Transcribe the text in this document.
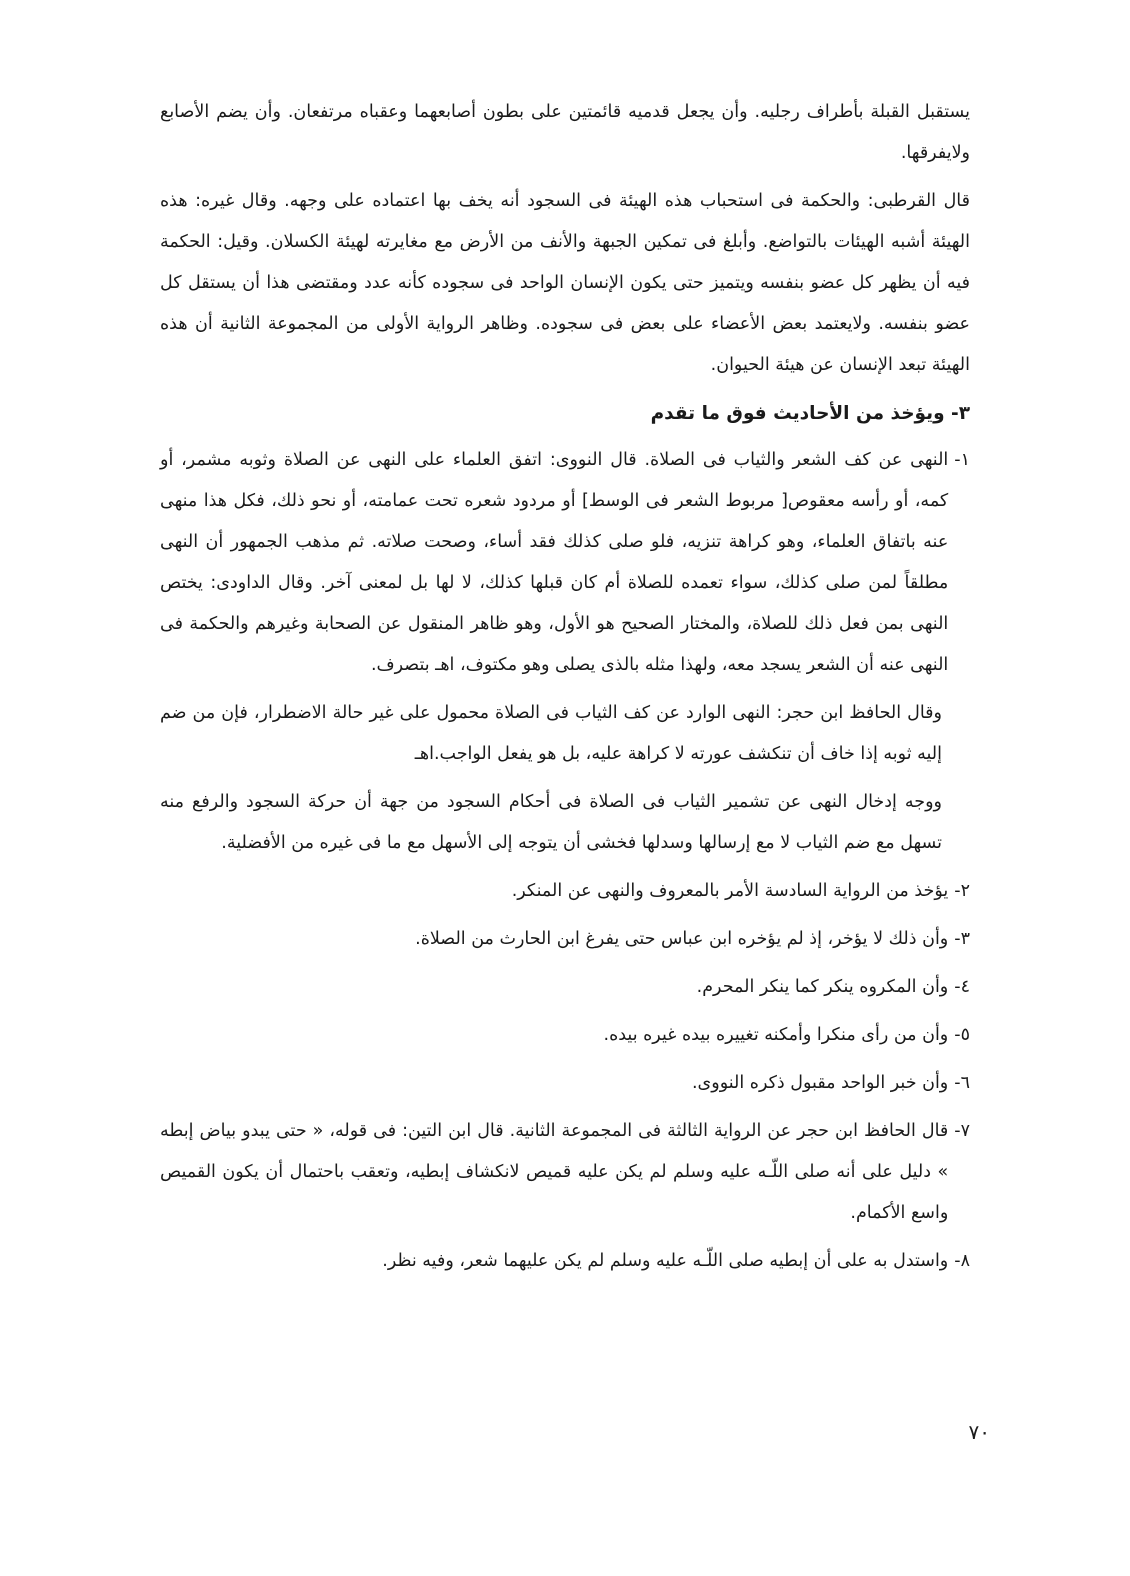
يستقبل القبلة بأطراف رجليه. وأن يجعل قدميه قائمتين على بطون أصابعهما وعقباه مرتفعان. وأن يضم الأصابع ولايفرقها.

قال القرطبى: والحكمة فى استحباب هذه الهيئة فى السجود أنه يخف بها اعتماده على وجهه. وقال غيره: هذه الهيئة أشبه الهيئات بالتواضع. وأبلغ فى تمكين الجبهة والأنف من الأرض مع مغايرته لهيئة الكسلان. وقيل: الحكمة فيه أن يظهر كل عضو بنفسه ويتميز حتى يكون الإنسان الواحد فى سجوده كأنه عدد ومقتضى هذا أن يستقل كل عضو بنفسه. ولايعتمد بعض الأعضاء على بعض فى سجوده. وظاهر الرواية الأولى من المجموعة الثانية أن هذه الهيئة تبعد الإنسان عن هيئة الحيوان.

٣- ويؤخذ من الأحاديث فوق ما تقدم
١-
النهى عن كف الشعر والثياب فى الصلاة. قال النووى: اتفق العلماء على النهى عن الصلاة وثوبه مشمر، أو كمه، أو رأسه معقوص[ مربوط الشعر فى الوسط] أو مردود شعره تحت عمامته، أو نحو ذلك، فكل هذا منهى عنه باتفاق العلماء، وهو كراهة تنزيه، فلو صلى كذلك فقد أساء، وصحت صلاته. ثم مذهب الجمهور أن النهى مطلقاً لمن صلى كذلك، سواء تعمده للصلاة أم كان قبلها كذلك، لا لها بل لمعنى آخر. وقال الداودى: يختص النهى بمن فعل ذلك للصلاة، والمختار الصحيح هو الأول، وهو ظاهر المنقول عن الصحابة وغيرهم والحكمة فى النهى عنه أن الشعر يسجد معه، ولهذا مثله بالذى يصلى وهو مكتوف، اهـ بتصرف.

وقال الحافظ ابن حجر: النهى الوارد عن كف الثياب فى الصلاة محمول على غير حالة الاضطرار، فإن من ضم إليه ثوبه إذا خاف أن تنكشف عورته لا كراهة عليه، بل هو يفعل الواجب.اهـ

ووجه إدخال النهى عن تشمير الثياب فى الصلاة فى أحكام السجود من جهة أن حركة السجود والرفع منه تسهل مع ضم الثياب لا مع إرسالها وسدلها فخشى أن يتوجه إلى الأسهل مع ما فى غيره من الأفضلية.

٢-
يؤخذ من الرواية السادسة الأمر بالمعروف والنهى عن المنكر.
٣-
وأن ذلك لا يؤخر، إذ لم يؤخره ابن عباس حتى يفرغ ابن الحارث من الصلاة.
٤-
وأن المكروه ينكر كما ينكر المحرم.
٥-
وأن من رأى منكرا وأمكنه تغييره بيده غيره بيده.
٦-
وأن خبر الواحد مقبول ذكره النووى.
٧-
قال الحافظ ابن حجر عن الرواية الثالثة فى المجموعة الثانية. قال ابن التين: فى قوله، « حتى يبدو بياض إبطه » دليل على أنه صلى اللّـه عليه وسلم لم يكن عليه قميص لانكشاف إبطيه، وتعقب باحتمال أن يكون القميص واسع الأكمام.
٨-
واستدل به على أن إبطيه صلى اللّـه عليه وسلم لم يكن عليهما شعر، وفيه نظر.
٧٠
